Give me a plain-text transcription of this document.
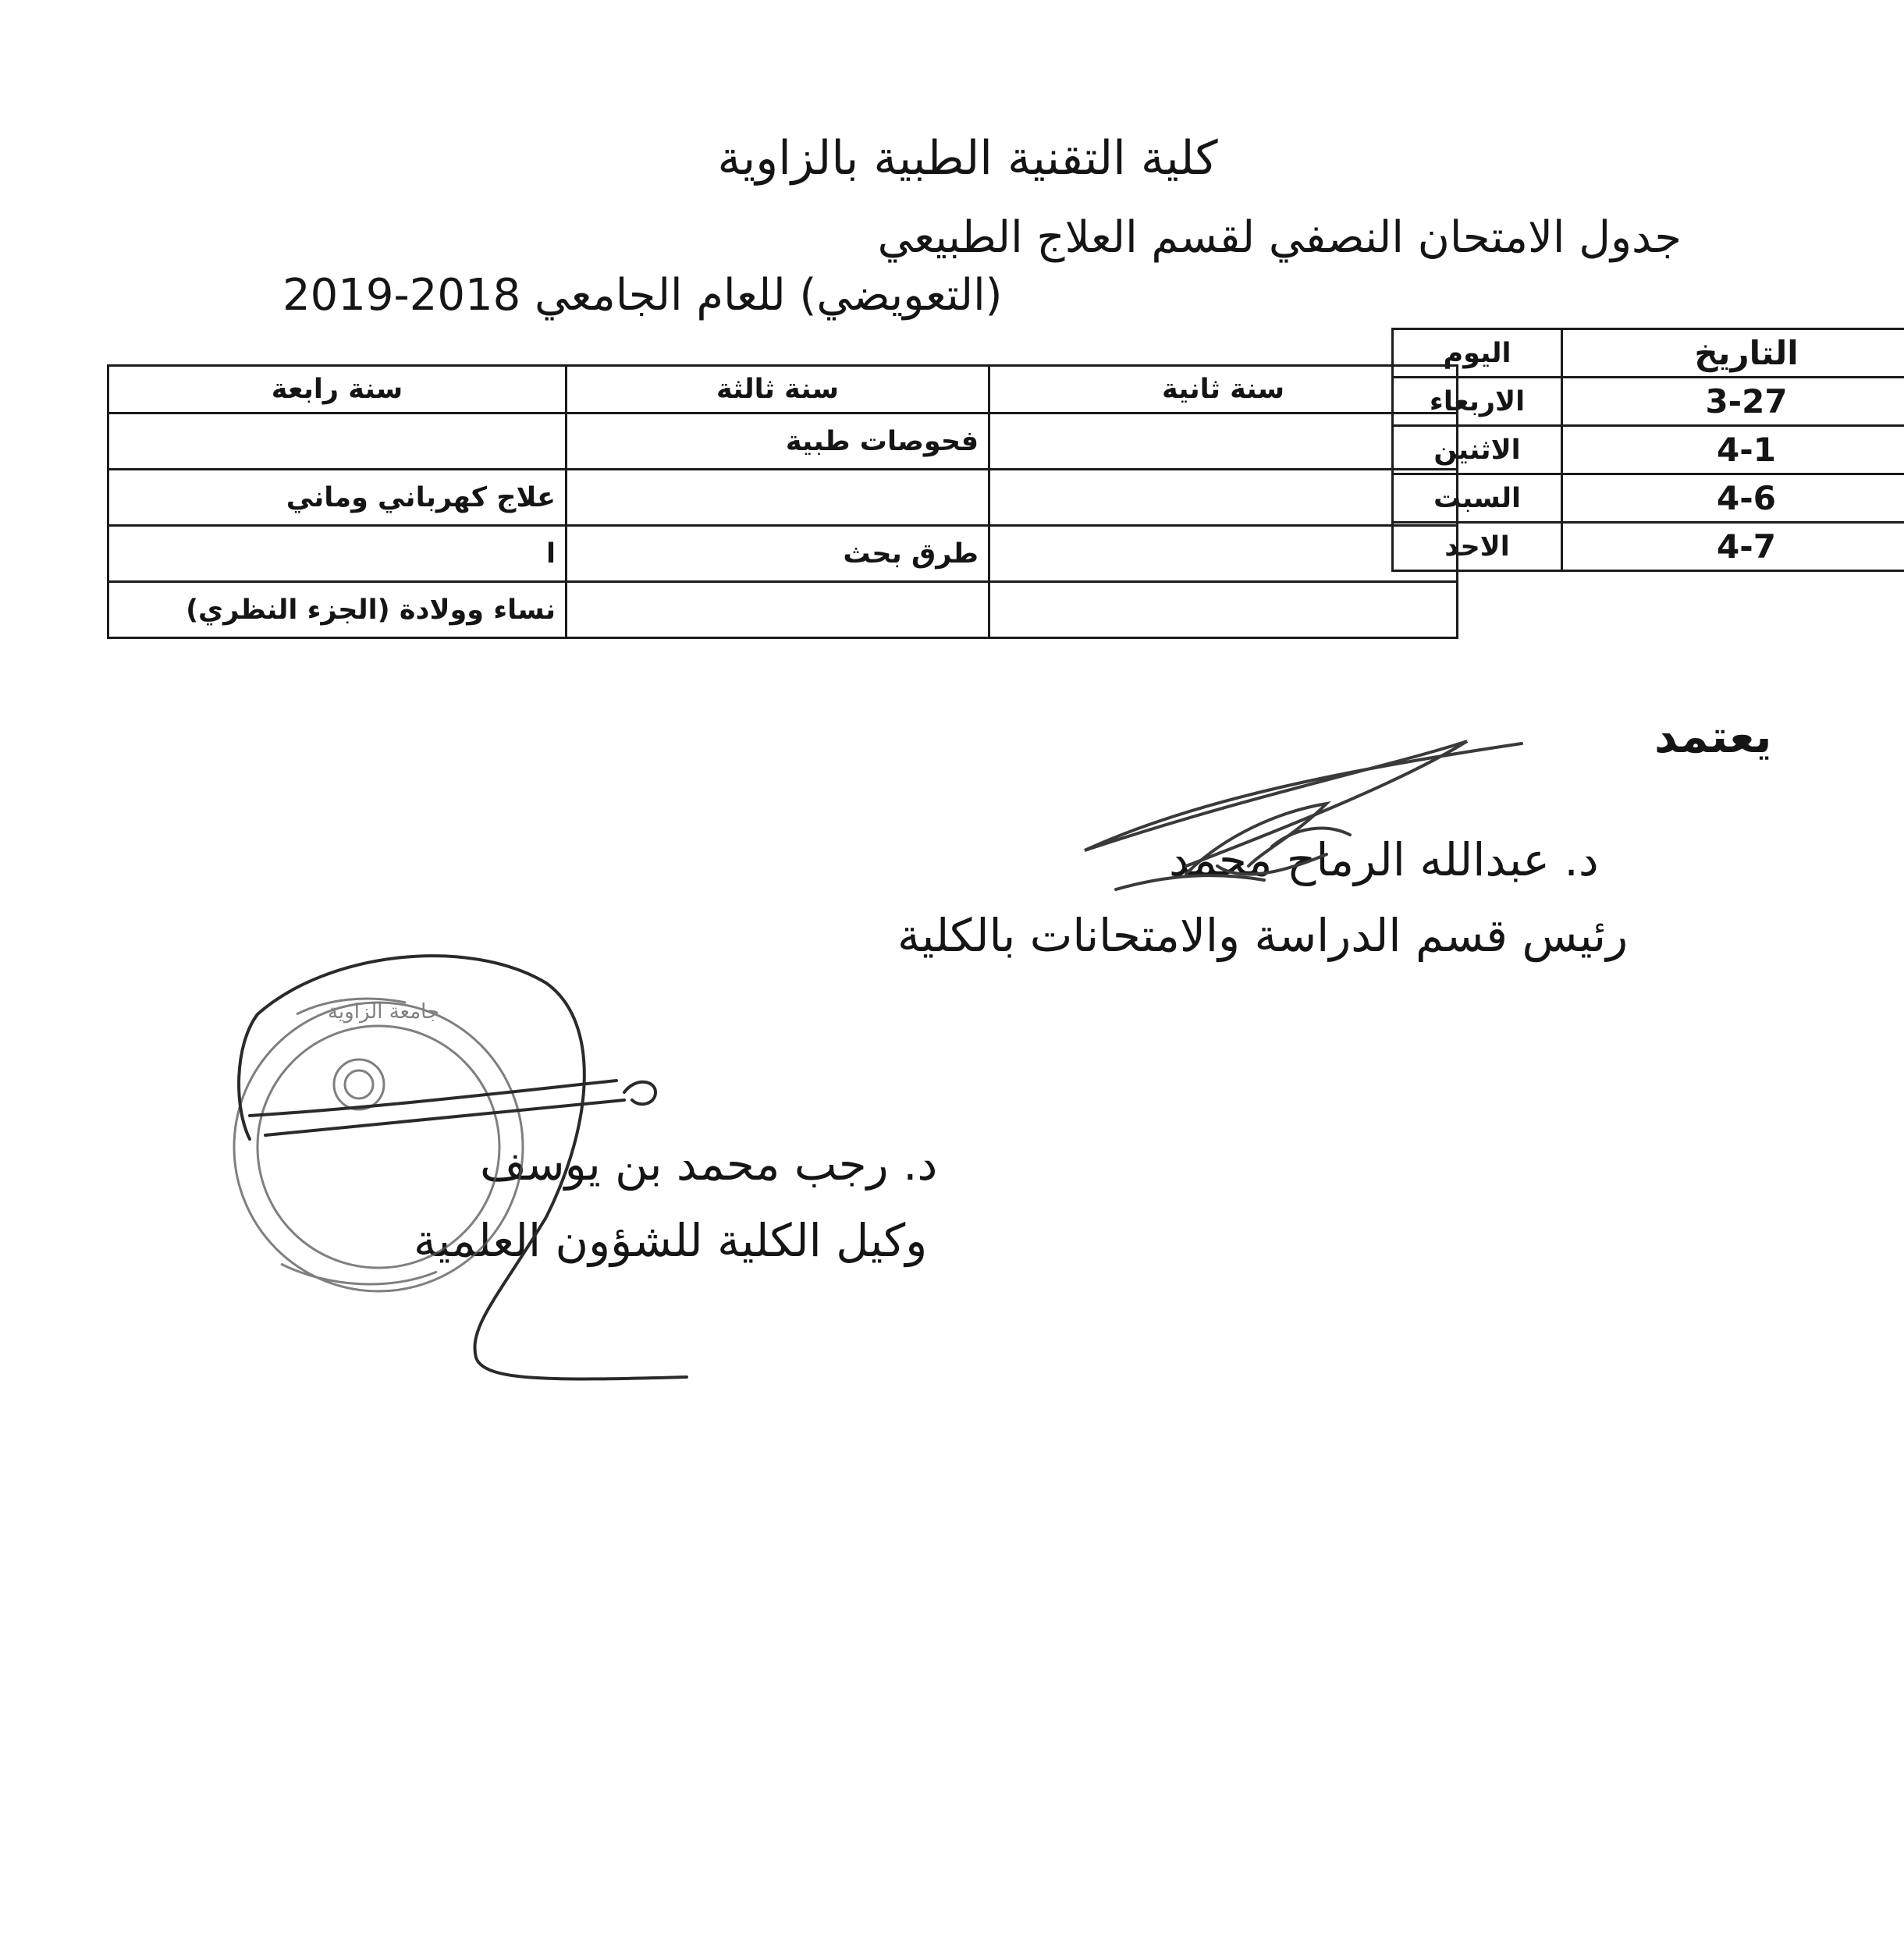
كلية التقنية الطبية بالزاوية
جدول الامتحان النصفي لقسم العلاج الطبيعي
(التعويضي) للعام الجامعي 2018-2019
التاريخ	اليوم
3-27	الاربعاء
4-1	الاثنين
4-6	السبت
4-7	الاحد
سنة ثانية	سنة ثالثة	سنة رابعة
	فحوصات طبية	
		علاج كهرباني وماني
	طرق بحث	ا
		نساء وولادة (الجزء النظري)
يعتمد
د. عبدالله الرماح محمد
رئيس قسم الدراسة والامتحانات بالكلية
د. رجب محمد بن يوسف
وكيل الكلية للشؤون العلمية
جامعة الزاوية
